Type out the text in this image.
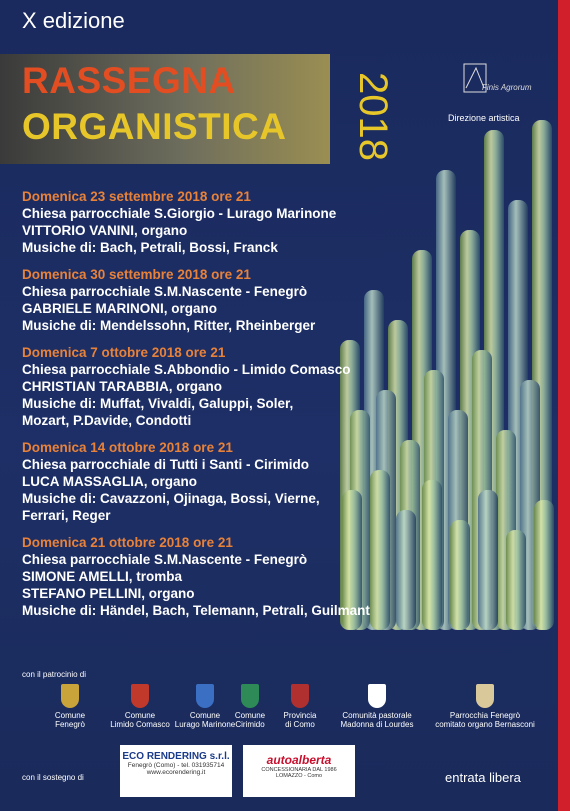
X edizione
RASSEGNA
ORGANISTICA 2018	Finis Agrorum
Direzione artistica
Domenica 23 settembre 2018 ore 21
Chiesa parrocchiale S.Giorgio - Lurago Marinone
VITTORIO VANINI, organo
Musiche di: Bach, Petrali, Bossi, Franck
Domenica 30 settembre 2018 ore 21
Chiesa parrocchiale S.M.Nascente - Fenegrò
GABRIELE MARINONI, organo
Musiche di: Mendelssohn, Ritter, Rheinberger
Domenica 7 ottobre 2018 ore 21
Chiesa parrocchiale S.Abbondio - Limido Comasco
CHRISTIAN TARABBIA, organo
Musiche di: Muffat, Vivaldi, Galuppi, Soler,
Mozart, P.Davide, Condotti
Domenica 14 ottobre 2018 ore 21
Chiesa parrocchiale di Tutti i Santi - Cirimido
LUCA MASSAGLIA, organo
Musiche di: Cavazzoni, Ojinaga, Bossi, Vierne,
Ferrari, Reger
Domenica 21 ottobre 2018 ore 21
Chiesa parrocchiale S.M.Nascente - Fenegrò
SIMONE AMELLI, tromba
STEFANO PELLINI, organo
Musiche di: Händel, Bach, Telemann, Petrali, Guilmant
con il patrocinio di
Comune
Fenegrò
Comune
Limido Comasco
Comune
Lurago Marinone
Comune
Cirimido
Provincia
di Como
Comunità pastorale
Madonna di Lourdes
Parrocchia Fenegrò
comitato organo Bernasconi
con il sostegno di
ECO RENDERING s.r.l.
Fenegrò (Como) - tel. 031935714
www.ecorendering.it
autoalberta
CONCESSIONARIA DAL 1986
LOMAZZO - Como	entrata libera
